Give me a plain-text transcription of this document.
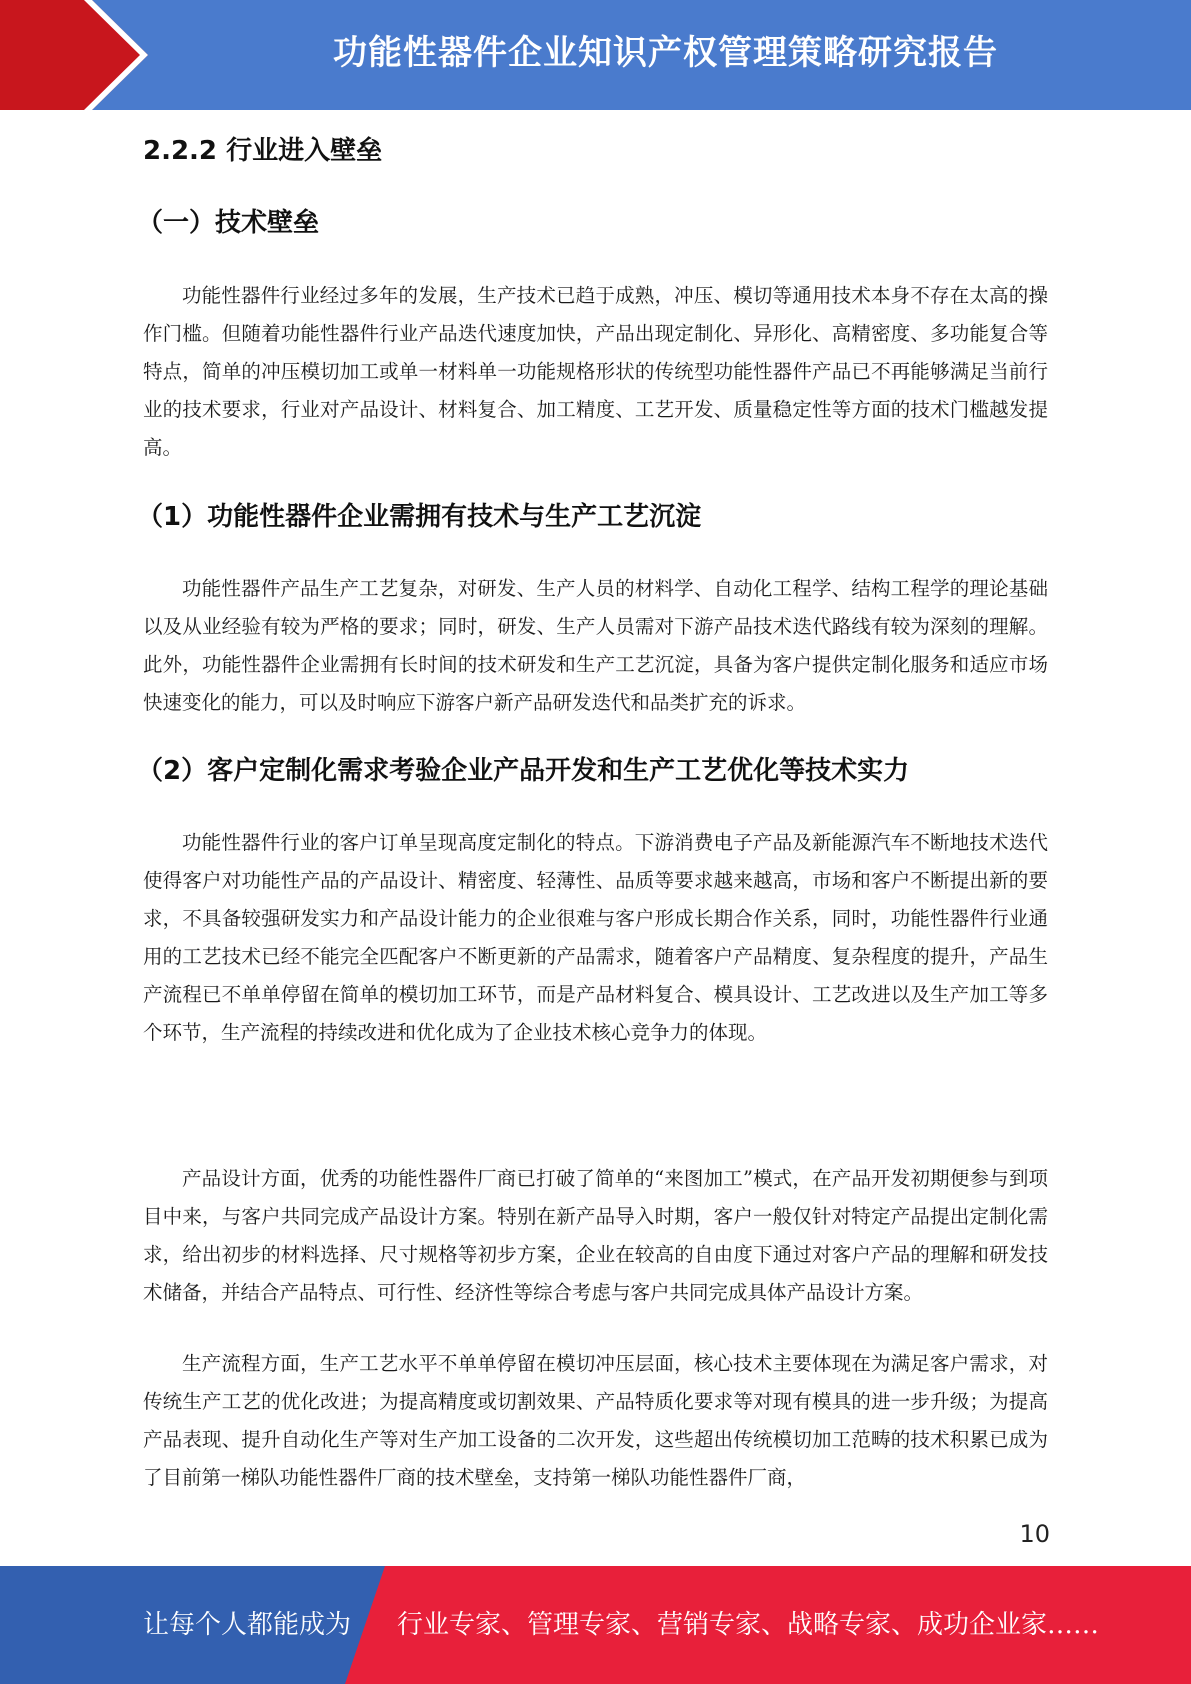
功能性器件企业知识产权管理策略研究报告
2.2.2 行业进入壁垒
（一）技术壁垒

功能性器件行业经过多年的发展，生产技术已趋于成熟，冲压、模切等通用技术本身不存在太高的操作门槛。但随着功能性器件行业产品迭代速度加快，产品出现定制化、异形化、高精密度、多功能复合等特点，简单的冲压模切加工或单一材料单一功能规格形状的传统型功能性器件产品已不再能够满足当前行业的技术要求，行业对产品设计、材料复合、加工精度、工艺开发、质量稳定性等方面的技术门槛越发提高。

（1）功能性器件企业需拥有技术与生产工艺沉淀

功能性器件产品生产工艺复杂，对研发、生产人员的材料学、自动化工程学、结构工程学的理论基础以及从业经验有较为严格的要求；同时，研发、生产人员需对下游产品技术迭代路线有较为深刻的理解。此外，功能性器件企业需拥有长时间的技术研发和生产工艺沉淀，具备为客户提供定制化服务和适应市场快速变化的能力，可以及时响应下游客户新产品研发迭代和品类扩充的诉求。

（2）客户定制化需求考验企业产品开发和生产工艺优化等技术实力

功能性器件行业的客户订单呈现高度定制化的特点。下游消费电子产品及新能源汽车不断地技术迭代使得客户对功能性产品的产品设计、精密度、轻薄性、品质等要求越来越高，市场和客户不断提出新的要求，不具备较强研发实力和产品设计能力的企业很难与客户形成长期合作关系，同时，功能性器件行业通用的工艺技术已经不能完全匹配客户不断更新的产品需求，随着客户产品精度、复杂程度的提升，产品生产流程已不单单停留在简单的模切加工环节，而是产品材料复合、模具设计、工艺改进以及生产加工等多个环节，生产流程的持续改进和优化成为了企业技术核心竞争力的体现。

产品设计方面，优秀的功能性器件厂商已打破了简单的“来图加工”模式，在产品开发初期便参与到项目中来，与客户共同完成产品设计方案。特别在新产品导入时期，客户一般仅针对特定产品提出定制化需求，给出初步的材料选择、尺寸规格等初步方案，企业在较高的自由度下通过对客户产品的理解和研发技术储备，并结合产品特点、可行性、经济性等综合考虑与客户共同完成具体产品设计方案。

生产流程方面，生产工艺水平不单单停留在模切冲压层面，核心技术主要体现在为满足客户需求，对传统生产工艺的优化改进；为提高精度或切割效果、产品特质化要求等对现有模具的进一步升级；为提高产品表现、提升自动化生产等对生产加工设备的二次开发，这些超出传统模切加工范畴的技术积累已成为了目前第一梯队功能性器件厂商的技术壁垒，支持第一梯队功能性器件厂商，

10
让每个人都能成为 行业专家、管理专家、营销专家、战略专家、成功企业家……
